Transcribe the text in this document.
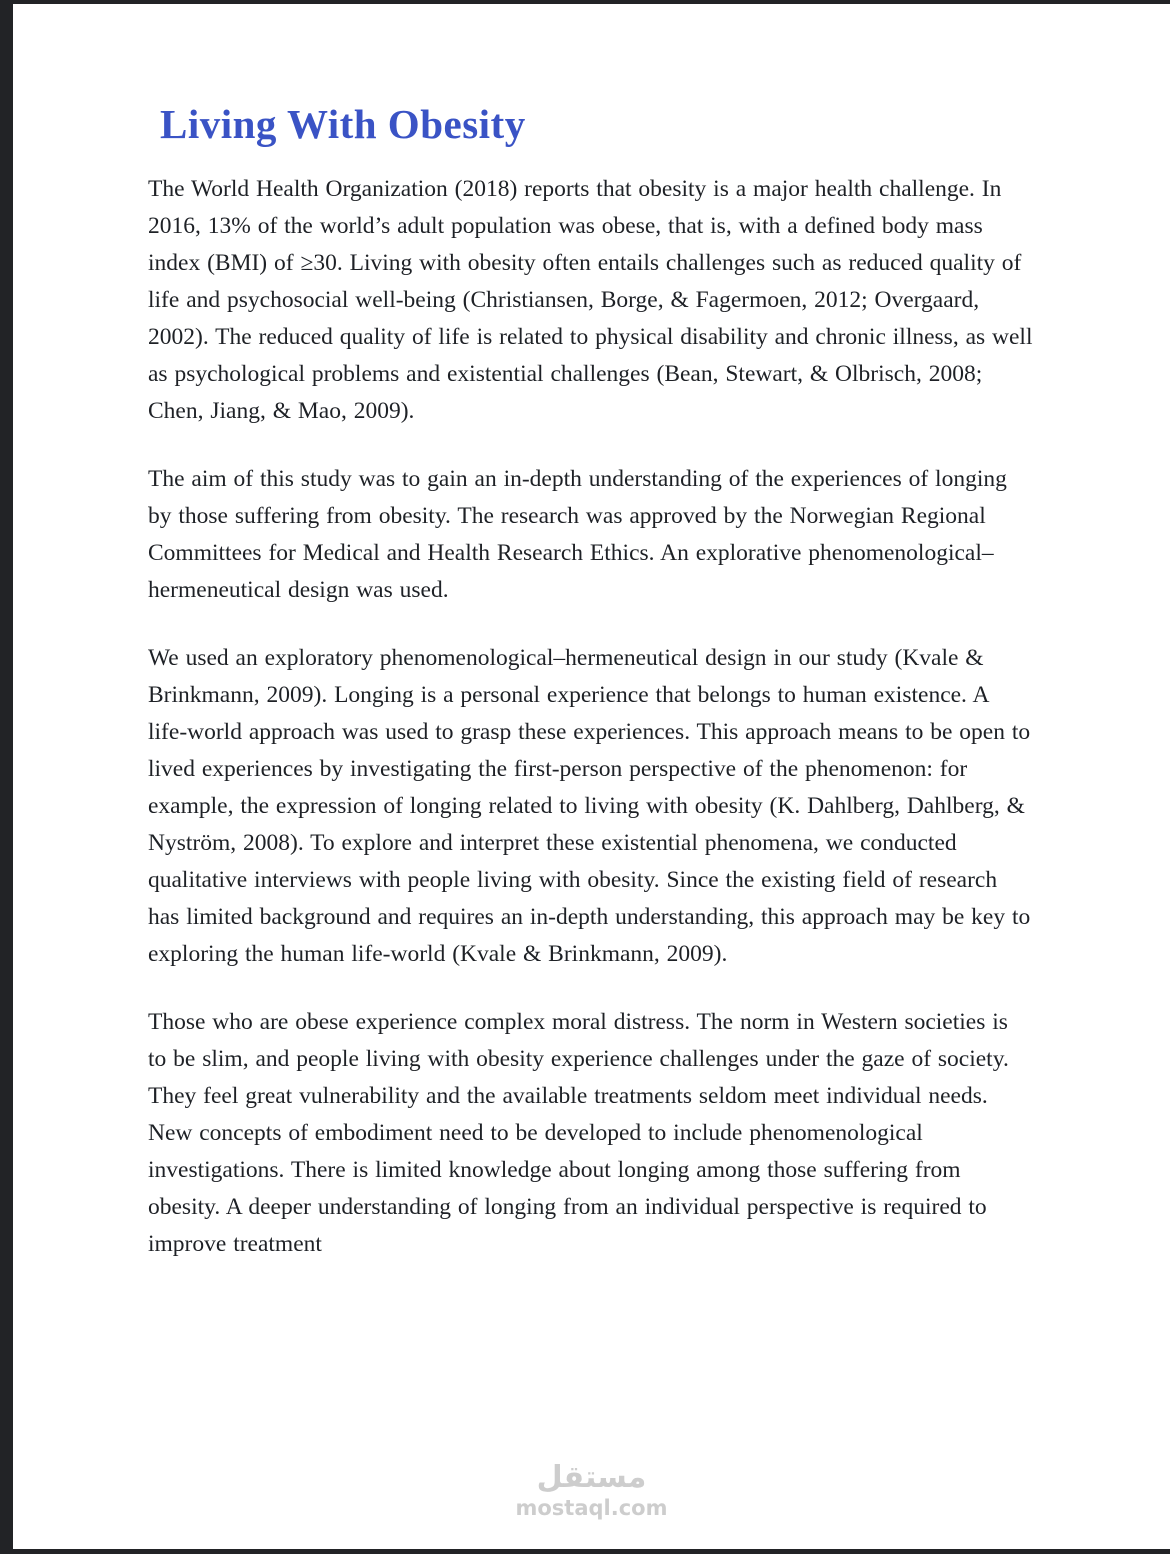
Living With Obesity

The World Health Organization (2018) reports that obesity is a major health challenge. In 2016, 13% of the world’s adult population was obese, that is, with a defined body mass index (BMI) of ≥30. Living with obesity often entails challenges such as reduced quality of life and psychosocial well-being (Christiansen, Borge, & Fagermoen, 2012; Overgaard, 2002). The reduced quality of life is related to physical disability and chronic illness, as well as psychological problems and existential challenges (Bean, Stewart, & Olbrisch, 2008; Chen, Jiang, & Mao, 2009).

The aim of this study was to gain an in-depth understanding of the experiences of longing by those suffering from obesity. The research was approved by the Norwegian Regional Committees for Medical and Health Research Ethics. An explorative phenomenological–hermeneutical design was used.

We used an exploratory phenomenological–hermeneutical design in our study (Kvale & Brinkmann, 2009). Longing is a personal experience that belongs to human existence. A life-world approach was used to grasp these experiences. This approach means to be open to lived experiences by investigating the first-person perspective of the phenomenon: for example, the expression of longing related to living with obesity (K. Dahlberg, Dahlberg, & Nyström, 2008). To explore and interpret these existential phenomena, we conducted qualitative interviews with people living with obesity. Since the existing field of research has limited background and requires an in-depth understanding, this approach may be key to exploring the human life-world (Kvale & Brinkmann, 2009).

Those who are obese experience complex moral distress. The norm in Western societies is to be slim, and people living with obesity experience challenges under the gaze of society. They feel great vulnerability and the available treatments seldom meet individual needs. New concepts of embodiment need to be developed to include phenomenological investigations. There is limited knowledge about longing among those suffering from obesity. A deeper understanding of longing from an individual perspective is required to improve treatment

مستقل
mostaql.com
